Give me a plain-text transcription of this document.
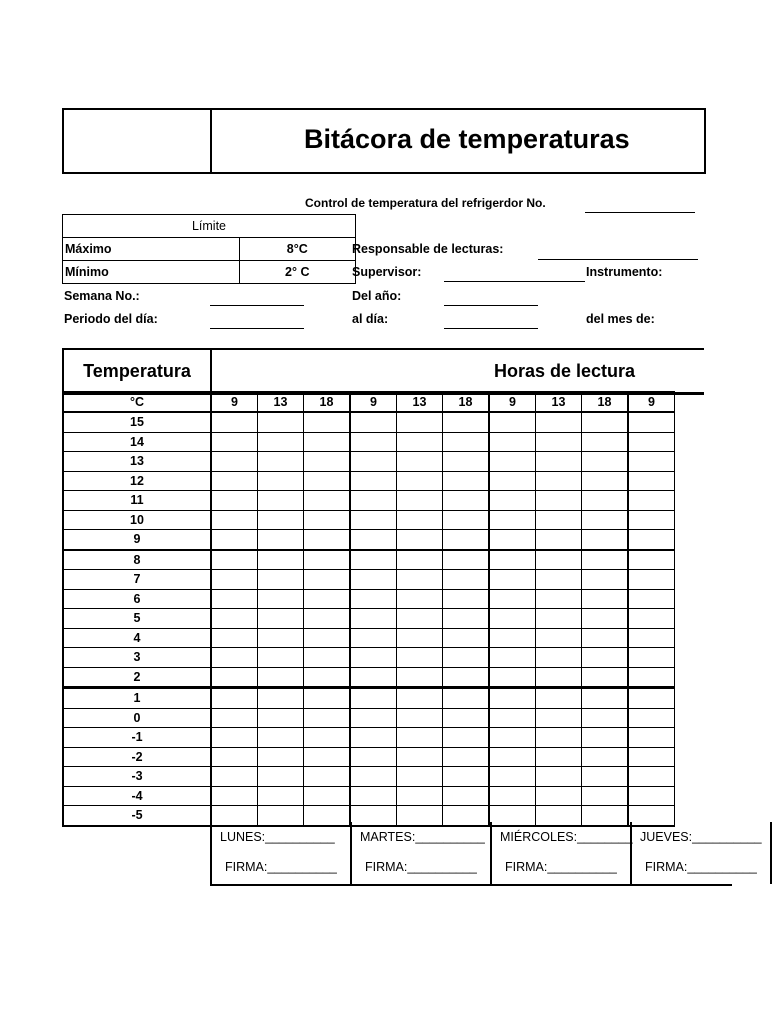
Bitácora de temperaturas
Control de temperatura del refrigerdor No.
Límite	
Máximo	8°C
Mínimo	2° C
Semana No.:
Periodo del día:
Responsable de lecturas:
Supervisor:	Instrumento:
Del año:
al día:	del mes de:
Temperatura	Horas de lectura
°C	9	13	18	9	13	18	9	13	18	9
15										
14										
13										
12										
11										
10										
9										
8										
7										
6										
5										
4										
3										
2										
1										
0										
-1										
-2										
-3										
-4										
-5										
LUNES:__________
FIRMA:__________
MARTES:__________
FIRMA:__________
MIÉRCOLES:________
FIRMA:__________
JUEVES:__________
FIRMA:__________
